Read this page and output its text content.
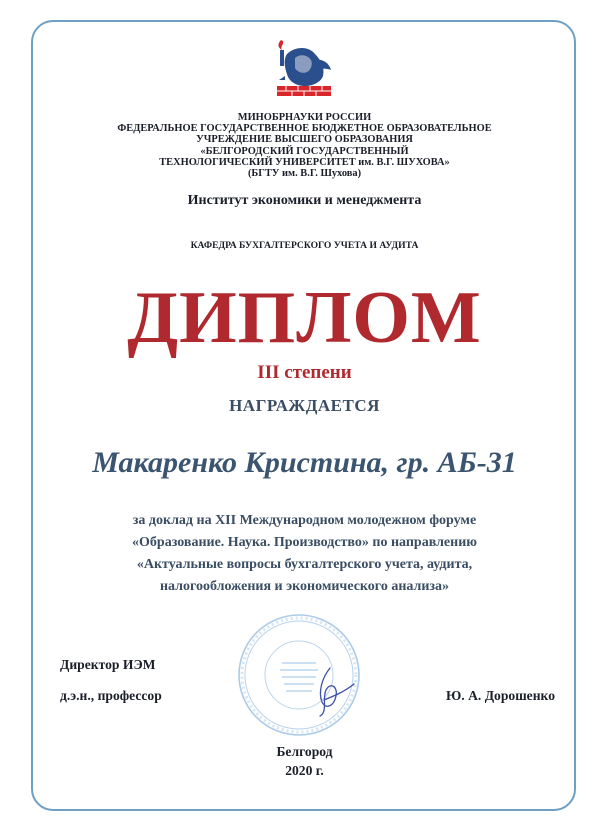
МИНОБРНАУКИ РОССИИ
ФЕДЕРАЛЬНОЕ ГОСУДАРСТВЕННОЕ БЮДЖЕТНОЕ ОБРАЗОВАТЕЛЬНОЕ
УЧРЕЖДЕНИЕ ВЫСШЕГО ОБРАЗОВАНИЯ
«БЕЛГОРОДСКИЙ ГОСУДАРСТВЕННЫЙ
ТЕХНОЛОГИЧЕСКИЙ УНИВЕРСИТЕТ им. В.Г. ШУХОВА»
(БГТУ им. В.Г. Шухова)
Институт экономики и менеджмента
КАФЕДРА БУХГАЛТЕРСКОГО УЧЕТА И АУДИТА
ДИПЛОМ
III степени
НАГРАЖДАЕТСЯ
Макаренко Кристина, гр. АБ-31
за доклад на XII Международном молодежном форуме
«Образование. Наука. Производство» по направлению
«Актуальные вопросы бухгалтерского учета, аудита,
налогообложения и экономического анализа»
Директор ИЭМ
д.э.н., профессор	Ю. А. Дорошенко
Белгород
2020 г.
